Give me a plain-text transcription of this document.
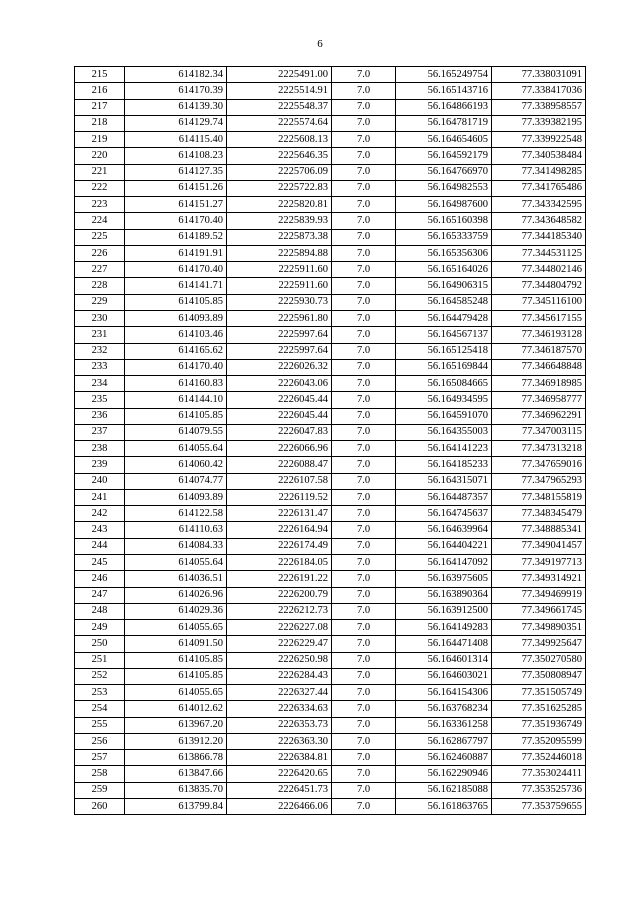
6
215	614182.34	2225491.00	7.0	56.165249754	77.338031091
216	614170.39	2225514.91	7.0	56.165143716	77.338417036
217	614139.30	2225548.37	7.0	56.164866193	77.338958557
218	614129.74	2225574.64	7.0	56.164781719	77.339382195
219	614115.40	2225608.13	7.0	56.164654605	77.339922548
220	614108.23	2225646.35	7.0	56.164592179	77.340538484
221	614127.35	2225706.09	7.0	56.164766970	77.341498285
222	614151.26	2225722.83	7.0	56.164982553	77.341765486
223	614151.27	2225820.81	7.0	56.164987600	77.343342595
224	614170.40	2225839.93	7.0	56.165160398	77.343648582
225	614189.52	2225873.38	7.0	56.165333759	77.344185340
226	614191.91	2225894.88	7.0	56.165356306	77.344531125
227	614170.40	2225911.60	7.0	56.165164026	77.344802146
228	614141.71	2225911.60	7.0	56.164906315	77.344804792
229	614105.85	2225930.73	7.0	56.164585248	77.345116100
230	614093.89	2225961.80	7.0	56.164479428	77.345617155
231	614103.46	2225997.64	7.0	56.164567137	77.346193128
232	614165.62	2225997.64	7.0	56.165125418	77.346187570
233	614170.40	2226026.32	7.0	56.165169844	77.346648848
234	614160.83	2226043.06	7.0	56.165084665	77.346918985
235	614144.10	2226045.44	7.0	56.164934595	77.346958777
236	614105.85	2226045.44	7.0	56.164591070	77.346962291
237	614079.55	2226047.83	7.0	56.164355003	77.347003115
238	614055.64	2226066.96	7.0	56.164141223	77.347313218
239	614060.42	2226088.47	7.0	56.164185233	77.347659016
240	614074.77	2226107.58	7.0	56.164315071	77.347965293
241	614093.89	2226119.52	7.0	56.164487357	77.348155819
242	614122.58	2226131.47	7.0	56.164745637	77.348345479
243	614110.63	2226164.94	7.0	56.164639964	77.348885341
244	614084.33	2226174.49	7.0	56.164404221	77.349041457
245	614055.64	2226184.05	7.0	56.164147092	77.349197713
246	614036.51	2226191.22	7.0	56.163975605	77.349314921
247	614026.96	2226200.79	7.0	56.163890364	77.349469919
248	614029.36	2226212.73	7.0	56.163912500	77.349661745
249	614055.65	2226227.08	7.0	56.164149283	77.349890351
250	614091.50	2226229.47	7.0	56.164471408	77.349925647
251	614105.85	2226250.98	7.0	56.164601314	77.350270580
252	614105.85	2226284.43	7.0	56.164603021	77.350808947
253	614055.65	2226327.44	7.0	56.164154306	77.351505749
254	614012.62	2226334.63	7.0	56.163768234	77.351625285
255	613967.20	2226353.73	7.0	56.163361258	77.351936749
256	613912.20	2226363.30	7.0	56.162867797	77.352095599
257	613866.78	2226384.81	7.0	56.162460887	77.352446018
258	613847.66	2226420.65	7.0	56.162290946	77.353024411
259	613835.70	2226451.73	7.0	56.162185088	77.353525736
260	613799.84	2226466.06	7.0	56.161863765	77.353759655
